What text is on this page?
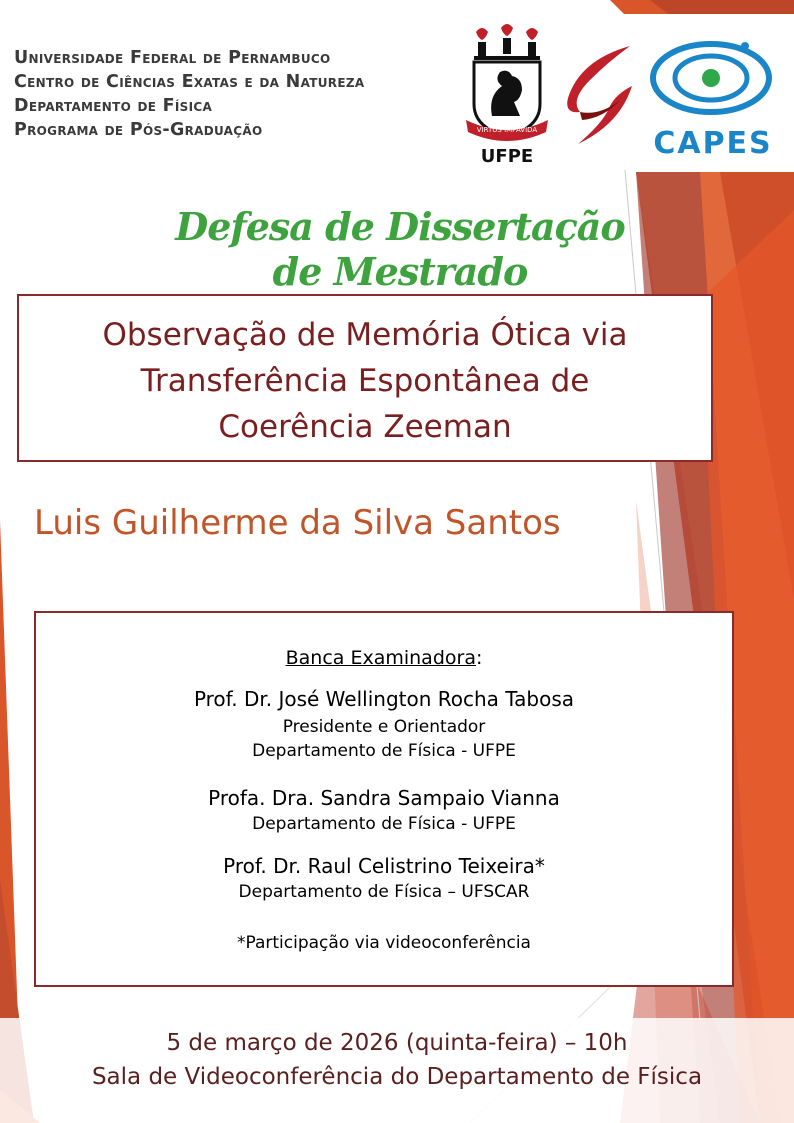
Universidade Federal de Pernambuco
Centro de Ciências Exatas e da Natureza
Departamento de Física
Programa de Pós-Graduação	VIRTUS IMPAVIDA
UFPE	CAPES
Defesa de Dissertação de Mestrado
Observação de Memória Ótica via
Transferência Espontânea de
Coerência Zeeman
Luis Guilherme da Silva Santos
Banca Examinadora:
Prof. Dr. José Wellington Rocha Tabosa
Presidente e Orientador
Departamento de Física - UFPE
Profa. Dra. Sandra Sampaio Vianna
Departamento de Física - UFPE
Prof. Dr. Raul Celistrino Teixeira*
Departamento de Física – UFSCAR
*Participação via videoconferência
5 de março de 2026 (quinta-feira) – 10h
Sala de Videoconferência do Departamento de Física
